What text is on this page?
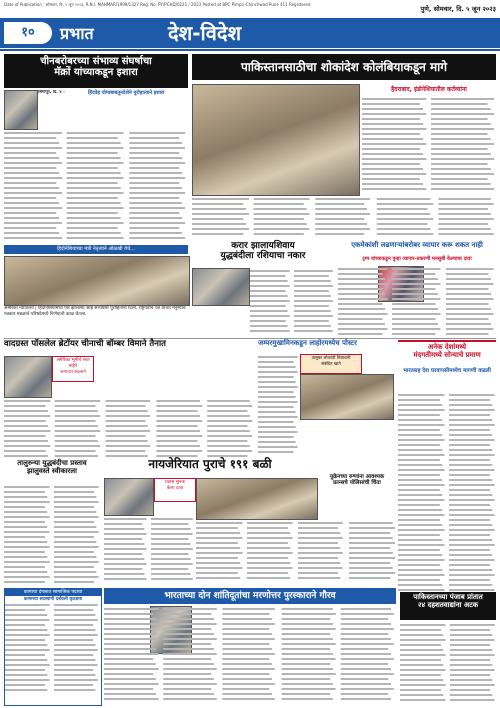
Date of Publication : सोमवार, दि. ५ जून २०२३, R.N.I. MAHMAR/1999/1327 Reg. No. PY/PCHD/0221 / 2023 Posted at BPC Pimpri-Chinchwad Pune 411 Registered
पुणे, सोमवार, दि. ५ जून २०२३
१०	प्रभात	देश-विदेश
चीनबरोबरच्या संभाव्य संघर्षाचा
मॅक्रों यांच्याकडून इशारा
सिंगापूर, दि. ४ -	हिंदवेह योग्यबाबतूनदेशेने पुरोहात्याने इशारा
हिंदोनेशियाच्या मंत्री नेतृत्वाने ओळखी येथे...
अमेरिका न्यायालय | हिंदोनेशियामध्ये पार झालेल्या आहे सत्ताधीश पुरोहितांनी दिली, राष्ट्रपतीचे पत्र यांच्या मनुष्याचे पत्रकार मंडळांचे परिषदेमध्ये निर्णयाची काळ घेतला.
पाकिस्तानसाठीचा शोकांदेश कोलंबियाकडून मागे
हैदराबाद, इंडोनेशियातील कर्तव्यांना
करार झालायशिवाय
युद्धबंदीला रशियाचा नकार
एकमेकांशी लढणाऱ्यांबरोबर व्यापार करू शकत नाही
ट्रम्प यांच्याकडून पुन्हा व्यापार-प्रकरणी मनसुबी केल्याचा दावा
वादग्रस्त पॉसलेल ब्रेटॉयर चीनाची बॉम्बर विमाने तैनात
अमेरिका भूमीचे सात महिने
जगाच्या बदलाने
जम्परमुखामिनकडून लाहोरमध्येच पोस्टर
तालुका लोकांची चित्राधारी
संबंधित खाते
अनेक देशांमध्ये
मंदगतीमध्ये सोन्याचे प्रमाण
भारतसह देश घरवापसीमध्येच मागणी वाढली
तालुरुन्या युद्धबंदीचा प्रस्ताव
झालुवस्ते स्वीकारला	नायजेरियात पुराचे १९१ बळी
प्रवास सुनक
केला दावा
युक्रेनच्या रुग्णांना आवश्यक
फ्रान्सचे पोलिसांची चिंता
कामाचा दंगलात सामाजिक पदाचा
कामाच्या सदस्यांनी दर्शवली कृतज्ञता	भारताच्या दोन शांतिदूतांचा मरणोत्तर पुरस्काराने गौरव	पाकिस्तानच्या पंजाब प्रांतात
२४ दहशतवाद्यांना अटक
